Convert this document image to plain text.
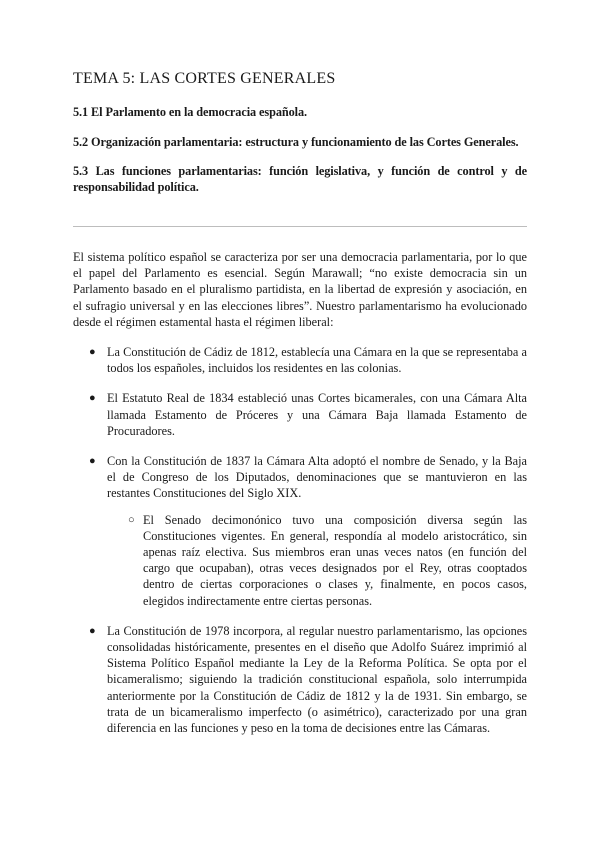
TEMA 5: LAS CORTES GENERALES
5.1 El Parlamento en la democracia española.
5.2 Organización parlamentaria: estructura y funcionamiento de las Cortes Generales.
5.3 Las funciones parlamentarias: función legislativa, y función de control y de responsabilidad política.

El sistema político español se caracteriza por ser una democracia parlamentaria, por lo que el papel del Parlamento es esencial. Según Marawall; “no existe democracia sin un Parlamento basado en el pluralismo partidista, en la libertad de expresión y asociación, en el sufragio universal y en las elecciones libres”. Nuestro parlamentarismo ha evolucionado desde el régimen estamental hasta el régimen liberal:

● La Constitución de Cádiz de 1812, establecía una Cámara en la que se representaba a todos los españoles, incluidos los residentes en las colonias.
● El Estatuto Real de 1834 estableció unas Cortes bicamerales, con una Cámara Alta llamada Estamento de Próceres y una Cámara Baja llamada Estamento de Procuradores.
● Con la Constitución de 1837 la Cámara Alta adoptó el nombre de Senado, y la Baja el de Congreso de los Diputados, denominaciones que se mantuvieron en las restantes Constituciones del Siglo XIX.
○ El Senado decimonónico tuvo una composición diversa según las Constituciones vigentes. En general, respondía al modelo aristocrático, sin apenas raíz electiva. Sus miembros eran unas veces natos (en función del cargo que ocupaban), otras veces designados por el Rey, otras cooptados dentro de ciertas corporaciones o clases y, finalmente, en pocos casos, elegidos indirectamente entre ciertas personas.
● La Constitución de 1978 incorpora, al regular nuestro parlamentarismo, las opciones consolidadas históricamente, presentes en el diseño que Adolfo Suárez imprimió al Sistema Político Español mediante la Ley de la Reforma Política. Se opta por el bicameralismo; siguiendo la tradición constitucional española, solo interrumpida anteriormente por la Constitución de Cádiz de 1812 y la de 1931. Sin embargo, se trata de un bicameralismo imperfecto (o asimétrico), caracterizado por una gran diferencia en las funciones y peso en la toma de decisiones entre las Cámaras.
